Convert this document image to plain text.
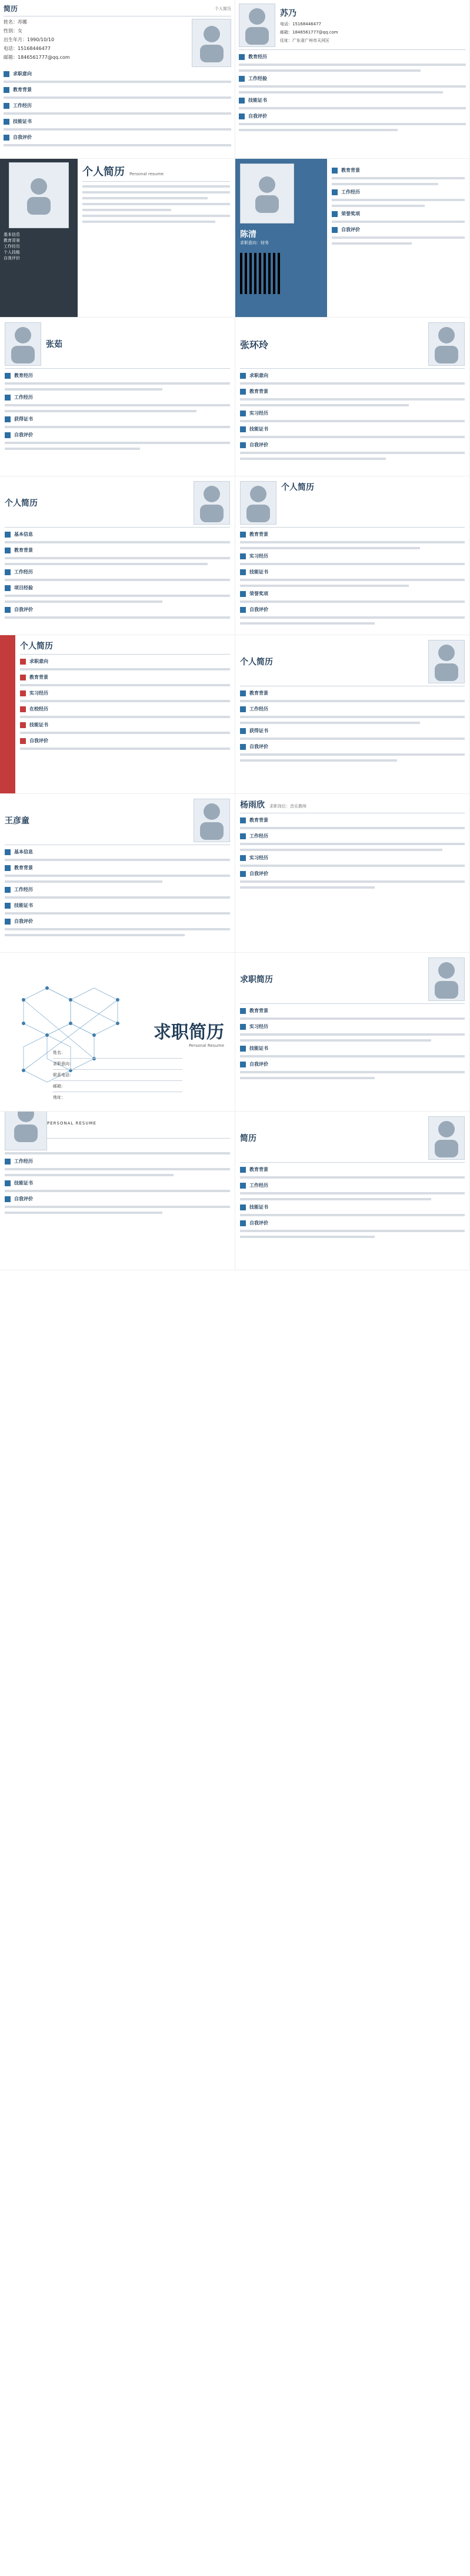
简历	个人简历
姓名：苏娜
性别：女
出生年月：1990/10/10
电话：15168446477
邮箱：1846561777@qq.com
求职意向
教育背景
工作经历
技能证书
自我评价
苏乃
电话：15168446477
邮箱：1846561777@qq.com
住址：广东省广州市天河区
教育经历
工作经验
技能证书
自我评价
基本信息
教育背景
工作经历
个人技能
自我评价
个人简历 Personal resume
陈清
求职意向：财务
教育背景
工作经历
荣誉奖项
自我评价
张茹
教育经历
工作经历
获得证书
自我评价
张环玲
求职意向
教育背景
实习经历
技能证书
自我评价
个人简历
基本信息
教育背景
工作经历
项目经验
自我评价
个人简历
教育背景
实习经历
技能证书
荣誉奖项
自我评价
个人简历
求职意向
教育背景
实习经历
在校经历
技能证书
自我评价
个人简历
教育背景
工作经历
获得证书
自我评价
王彦童
基本信息
教育背景
工作经历
技能证书
自我评价
杨雨欣 求职岗位：音乐教师
教育背景
工作经历
实习经历
自我评价
求职简历
Personal Resume
姓名：
求职意向：
联系电话：
邮箱：
地址：
求职简历
教育背景
实习经历
技能证书
自我评价
PERSONAL RESUME
工作经历
技能证书
自我评价
简历
教育背景
工作经历
技能证书
自我评价
